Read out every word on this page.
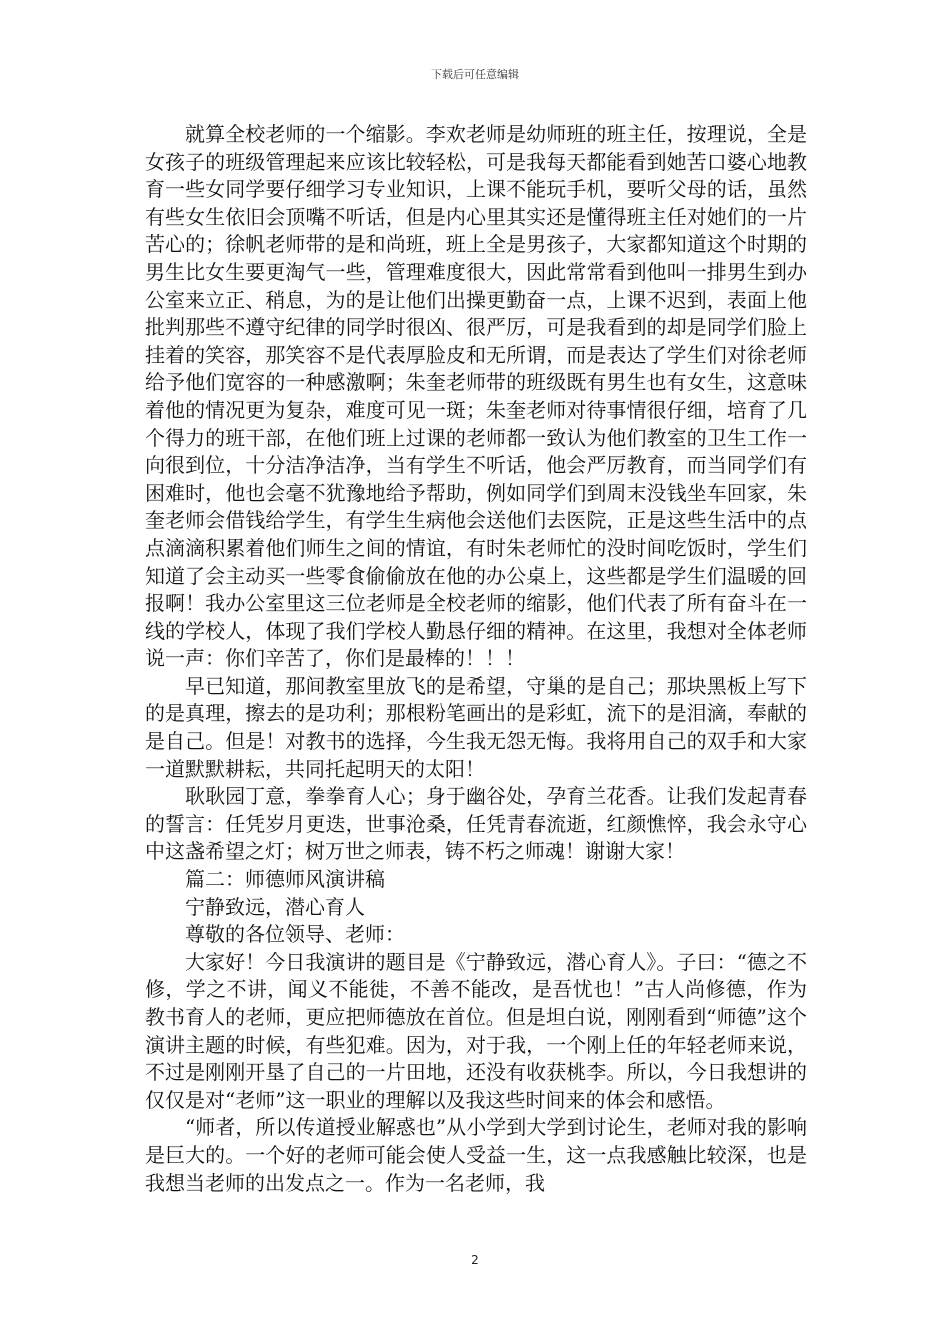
下载后可任意编辑

就算全校老师的一个缩影。李欢老师是幼师班的班主任，按理说，全是女孩子的班级管理起来应该比较轻松，可是我每天都能看到她苦口婆心地教育一些女同学要仔细学习专业知识，上课不能玩手机，要听父母的话，虽然有些女生依旧会顶嘴不听话，但是内心里其实还是懂得班主任对她们的一片苦心的；徐帆老师带的是和尚班，班上全是男孩子，大家都知道这个时期的男生比女生要更淘气一些，管理难度很大，因此常常看到他叫一排男生到办公室来立正、稍息，为的是让他们出操更勤奋一点，上课不迟到，表面上他批判那些不遵守纪律的同学时很凶、很严厉，可是我看到的却是同学们脸上挂着的笑容，那笑容不是代表厚脸皮和无所谓，而是表达了学生们对徐老师给予他们宽容的一种感激啊；朱奎老师带的班级既有男生也有女生，这意味着他的情况更为复杂，难度可见一斑；朱奎老师对待事情很仔细，培育了几个得力的班干部，在他们班上过课的老师都一致认为他们教室的卫生工作一向很到位，十分洁净洁净，当有学生不听话，他会严厉教育，而当同学们有困难时，他也会毫不犹豫地给予帮助，例如同学们到周末没钱坐车回家，朱奎老师会借钱给学生，有学生生病他会送他们去医院，正是这些生活中的点点滴滴积累着他们师生之间的情谊，有时朱老师忙的没时间吃饭时，学生们知道了会主动买一些零食偷偷放在他的办公桌上，这些都是学生们温暖的回报啊！我办公室里这三位老师是全校老师的缩影，他们代表了所有奋斗在一线的学校人，体现了我们学校人勤恳仔细的精神。在这里，我想对全体老师说一声：你们辛苦了，你们是最棒的！！！

早已知道，那间教室里放飞的是希望，守巢的是自己；那块黑板上写下的是真理，擦去的是功利；那根粉笔画出的是彩虹，流下的是泪滴，奉献的是自己。但是！对教书的选择，今生我无怨无悔。我将用自己的双手和大家一道默默耕耘，共同托起明天的太阳！

耿耿园丁意，拳拳育人心；身于幽谷处，孕育兰花香。让我们发起青春的誓言：任凭岁月更迭，世事沧桑，任凭青春流逝，红颜憔悴，我会永守心中这盏希望之灯；树万世之师表，铸不朽之师魂！谢谢大家！

篇二：师德师风演讲稿

宁静致远，潜心育人

尊敬的各位领导、老师：

大家好！今日我演讲的题目是《宁静致远，潜心育人》。子曰：“德之不修，学之不讲，闻义不能徙，不善不能改，是吾忧也！”古人尚修德，作为教书育人的老师，更应把师德放在首位。但是坦白说，刚刚看到“师德”这个演讲主题的时候，有些犯难。因为，对于我，一个刚上任的年轻老师来说，不过是刚刚开垦了自己的一片田地，还没有收获桃李。所以，今日我想讲的仅仅是对“老师”这一职业的理解以及我这些时间来的体会和感悟。

“师者，所以传道授业解惑也”从小学到大学到讨论生，老师对我的影响是巨大的。一个好的老师可能会使人受益一生，这一点我感触比较深，也是我想当老师的出发点之一。作为一名老师，我

2
